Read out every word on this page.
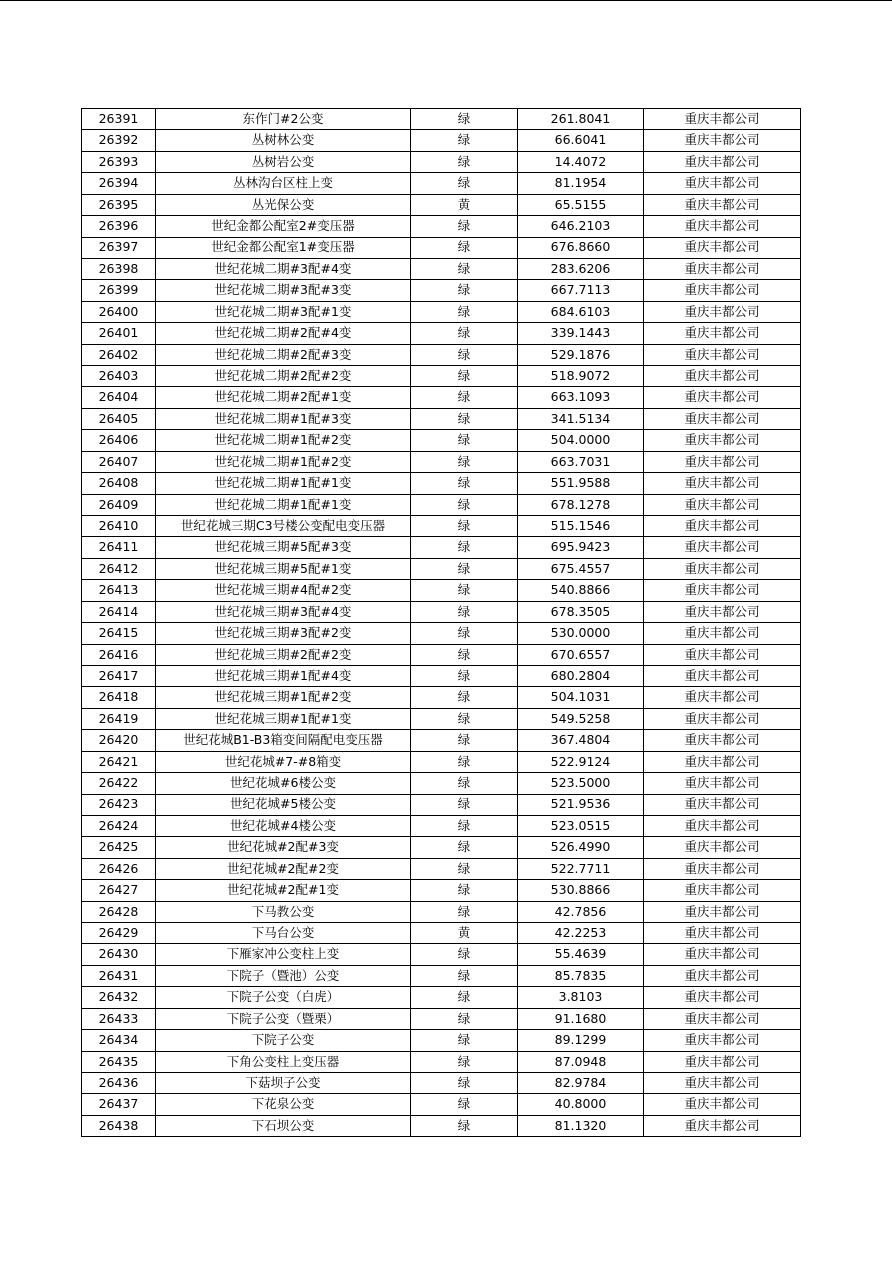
26391	东作门#2公变	绿	261.8041	重庆丰都公司
26392	丛树林公变	绿	66.6041	重庆丰都公司
26393	丛树岩公变	绿	14.4072	重庆丰都公司
26394	丛林沟台区柱上变	绿	81.1954	重庆丰都公司
26395	丛光保公变	黄	65.5155	重庆丰都公司
26396	世纪金都公配室2#变压器	绿	646.2103	重庆丰都公司
26397	世纪金都公配室1#变压器	绿	676.8660	重庆丰都公司
26398	世纪花城二期#3配#4变	绿	283.6206	重庆丰都公司
26399	世纪花城二期#3配#3变	绿	667.7113	重庆丰都公司
26400	世纪花城二期#3配#1变	绿	684.6103	重庆丰都公司
26401	世纪花城二期#2配#4变	绿	339.1443	重庆丰都公司
26402	世纪花城二期#2配#3变	绿	529.1876	重庆丰都公司
26403	世纪花城二期#2配#2变	绿	518.9072	重庆丰都公司
26404	世纪花城二期#2配#1变	绿	663.1093	重庆丰都公司
26405	世纪花城二期#1配#3变	绿	341.5134	重庆丰都公司
26406	世纪花城二期#1配#2变	绿	504.0000	重庆丰都公司
26407	世纪花城二期#1配#2变	绿	663.7031	重庆丰都公司
26408	世纪花城二期#1配#1变	绿	551.9588	重庆丰都公司
26409	世纪花城二期#1配#1变	绿	678.1278	重庆丰都公司
26410	世纪花城三期C3号楼公变配电变压器	绿	515.1546	重庆丰都公司
26411	世纪花城三期#5配#3变	绿	695.9423	重庆丰都公司
26412	世纪花城三期#5配#1变	绿	675.4557	重庆丰都公司
26413	世纪花城三期#4配#2变	绿	540.8866	重庆丰都公司
26414	世纪花城三期#3配#4变	绿	678.3505	重庆丰都公司
26415	世纪花城三期#3配#2变	绿	530.0000	重庆丰都公司
26416	世纪花城三期#2配#2变	绿	670.6557	重庆丰都公司
26417	世纪花城三期#1配#4变	绿	680.2804	重庆丰都公司
26418	世纪花城三期#1配#2变	绿	504.1031	重庆丰都公司
26419	世纪花城三期#1配#1变	绿	549.5258	重庆丰都公司
26420	世纪花城B1-B3箱变间隔配电变压器	绿	367.4804	重庆丰都公司
26421	世纪花城#7-#8箱变	绿	522.9124	重庆丰都公司
26422	世纪花城#6楼公变	绿	523.5000	重庆丰都公司
26423	世纪花城#5楼公变	绿	521.9536	重庆丰都公司
26424	世纪花城#4楼公变	绿	523.0515	重庆丰都公司
26425	世纪花城#2配#3变	绿	526.4990	重庆丰都公司
26426	世纪花城#2配#2变	绿	522.7711	重庆丰都公司
26427	世纪花城#2配#1变	绿	530.8866	重庆丰都公司
26428	下马教公变	绿	42.7856	重庆丰都公司
26429	下马台公变	黄	42.2253	重庆丰都公司
26430	下雁家冲公变柱上变	绿	55.4639	重庆丰都公司
26431	下院子（暨池）公变	绿	85.7835	重庆丰都公司
26432	下院子公变（白虎）	绿	3.8103	重庆丰都公司
26433	下院子公变（暨栗）	绿	91.1680	重庆丰都公司
26434	下院子公变	绿	89.1299	重庆丰都公司
26435	下角公变柱上变压器	绿	87.0948	重庆丰都公司
26436	下菇坝子公变	绿	82.9784	重庆丰都公司
26437	下花泉公变	绿	40.8000	重庆丰都公司
26438	下石坝公变	绿	81.1320	重庆丰都公司
